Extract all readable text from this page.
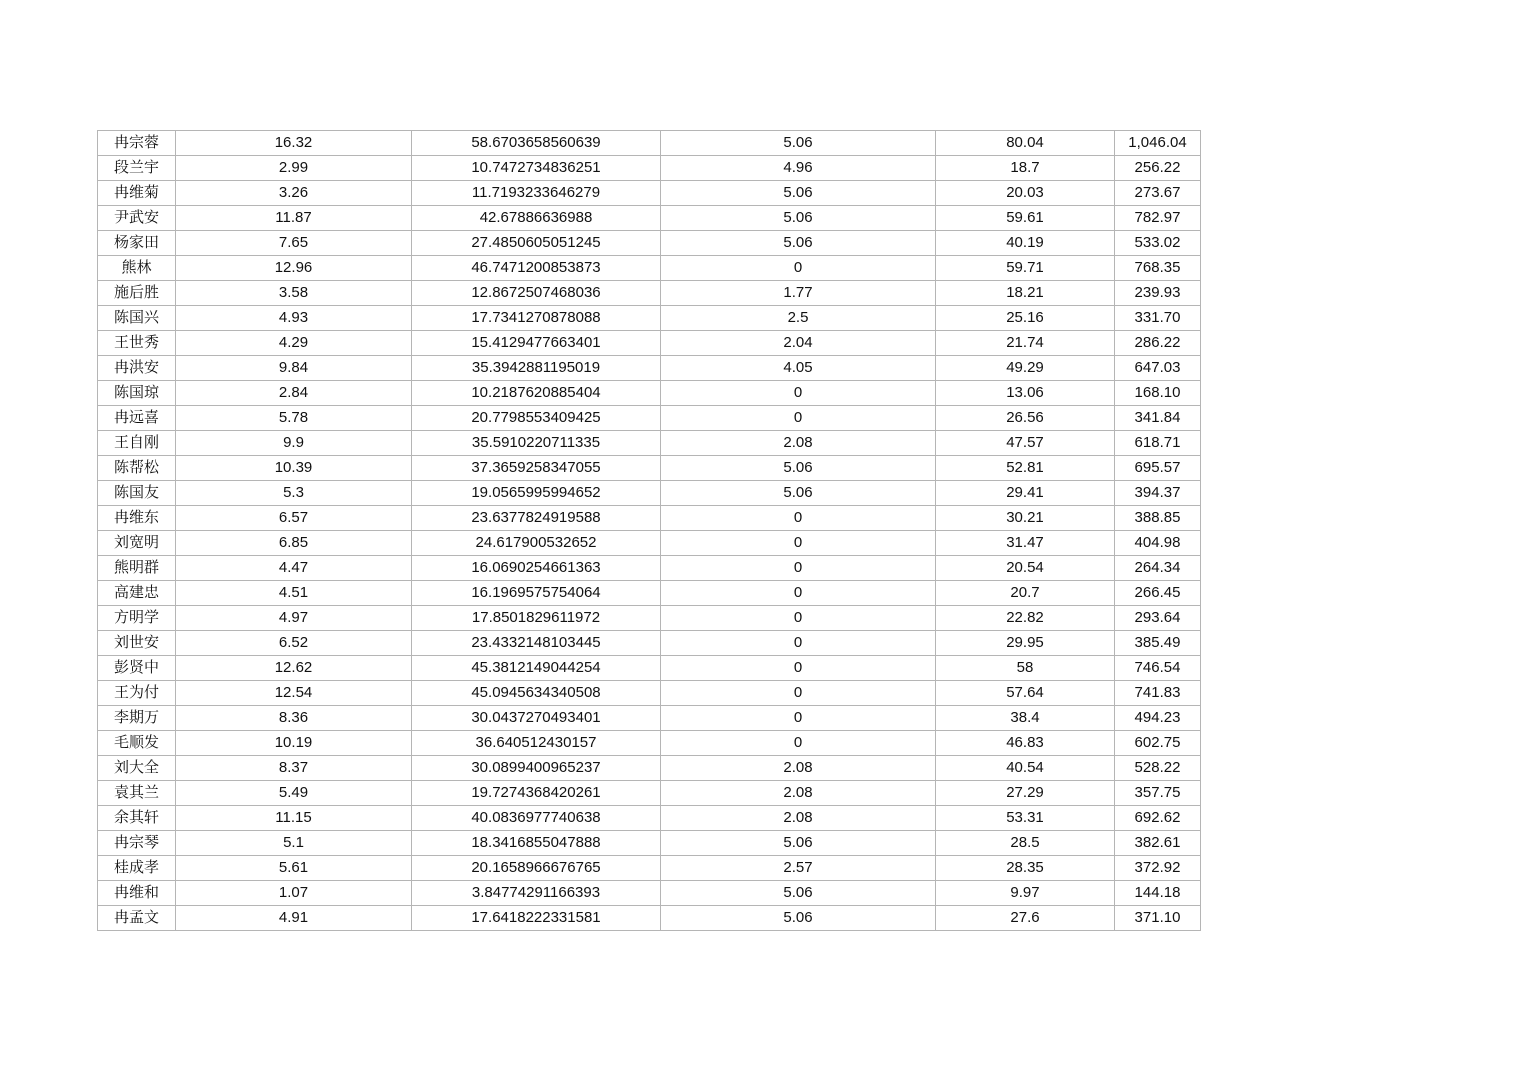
冉宗蓉	16.32	58.6703658560639	5.06	80.04	1,046.04
段兰宇	2.99	10.7472734836251	4.96	18.7	256.22
冉维菊	3.26	11.7193233646279	5.06	20.03	273.67
尹武安	11.87	42.67886636988	5.06	59.61	782.97
杨家田	7.65	27.4850605051245	5.06	40.19	533.02
熊林	12.96	46.7471200853873	0	59.71	768.35
施后胜	3.58	12.8672507468036	1.77	18.21	239.93
陈国兴	4.93	17.7341270878088	2.5	25.16	331.70
王世秀	4.29	15.4129477663401	2.04	21.74	286.22
冉洪安	9.84	35.3942881195019	4.05	49.29	647.03
陈国琼	2.84	10.2187620885404	0	13.06	168.10
冉远喜	5.78	20.7798553409425	0	26.56	341.84
王自刚	9.9	35.5910220711335	2.08	47.57	618.71
陈帮松	10.39	37.3659258347055	5.06	52.81	695.57
陈国友	5.3	19.0565995994652	5.06	29.41	394.37
冉维东	6.57	23.6377824919588	0	30.21	388.85
刘宽明	6.85	24.617900532652	0	31.47	404.98
熊明群	4.47	16.0690254661363	0	20.54	264.34
高建忠	4.51	16.1969575754064	0	20.7	266.45
方明学	4.97	17.8501829611972	0	22.82	293.64
刘世安	6.52	23.4332148103445	0	29.95	385.49
彭贤中	12.62	45.3812149044254	0	58	746.54
王为付	12.54	45.0945634340508	0	57.64	741.83
李期万	8.36	30.0437270493401	0	38.4	494.23
毛顺发	10.19	36.640512430157	0	46.83	602.75
刘大全	8.37	30.0899400965237	2.08	40.54	528.22
袁其兰	5.49	19.7274368420261	2.08	27.29	357.75
余其轩	11.15	40.0836977740638	2.08	53.31	692.62
冉宗琴	5.1	18.3416855047888	5.06	28.5	382.61
桂成孝	5.61	20.1658966676765	2.57	28.35	372.92
冉维和	1.07	3.84774291166393	5.06	9.97	144.18
冉孟文	4.91	17.6418222331581	5.06	27.6	371.10
